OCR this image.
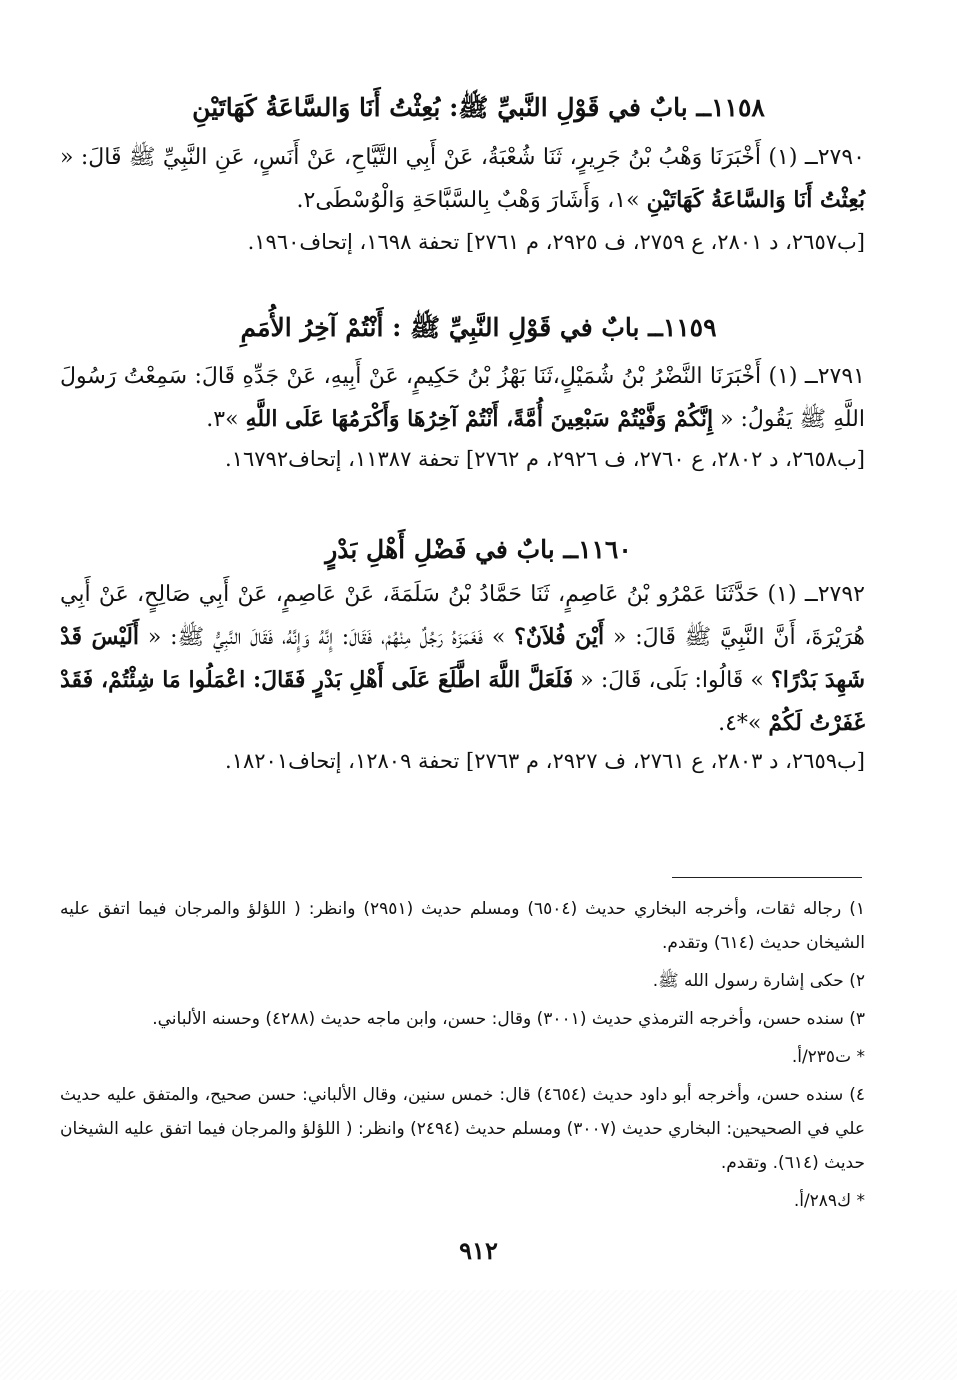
١١٥٨ــ بابٌ في قَوْلِ النَّبيِّ ﷺ: بُعِثْتُ أَنَا وَالسَّاعَةُ كَهَاتَيْنِ

٢٧٩٠ــ (١) أَخْبَرَنَا وَهْبُ بْنُ جَرِيرٍ، ثَنَا شُعْبَةُ، عَنْ أَبِي التَّيَّاحِ، عَنْ أَنَسٍ، عَنِ النَّبِيِّ ﷺ قَالَ: « بُعِثْتُ أَنَا وَالسَّاعَةُ كَهَاتَيْنِ »١، وَأَشَارَ وَهْبٌ بِالسَّبَّاحَةِ وَالْوُسْطَى٢.

[ب٢٦٥٧، د ٢٨٠١، ع ٢٧٥٩، ف ٢٩٢٥، م ٢٧٦١] تحفة ١٦٩٨، إتحاف١٩٦٠.
١١٥٩ــ بابٌ في قَوْلِ النَّبِيِّ ﷺ : أَنْتُمْ آخِرُ الأُمَمِ

٢٧٩١ــ (١) أَخْبَرَنَا النَّضْرُ بْنُ شُمَيْلٍ،ثَنَا بَهْزُ بْنُ حَكِيمٍ، عَنْ أَبِيهِ، عَنْ جَدِّهِ قَالَ: سَمِعْتُ رَسُولَ اللَّهِ ﷺ يَقُولُ: « إِنَّكُمْ وَفَّيْتُمْ سَبْعِينَ أُمَّةً، أَنْتُمْ آخِرُهَا وَأَكْرَمُهَا عَلَى اللَّهِ »٣.

[ب٢٦٥٨، د ٢٨٠٢، ع ٢٧٦٠، ف ٢٩٢٦، م ٢٧٦٢] تحفة ١١٣٨٧، إتحاف١٦٧٩٢.
١١٦٠ــ بابٌ في فَضْلِ أَهْلِ بَدْرٍ

٢٧٩٢ــ (١) حَدَّثَنَا عَمْرُو بْنُ عَاصِمٍ، ثَنَا حَمَّادُ بْنُ سَلَمَةَ، عَنْ عَاصِمٍ، عَنْ أَبِي صَالِحٍ، عَنْ أَبِي هُرَيْرَةَ، أَنَّ النَّبِيَّ ﷺ قَالَ: « أَيْنَ فُلاَنٌ؟ » فَغَمَزَهُ رَجُلٌ مِنْهُمْ، فَقَالَ: إِنَّهُ وَإِنَّهُ، فَقَالَ النَّبِيُّ ﷺ: « أَلَيْسَ قَدْ شَهِدَ بَدْرًا؟ » قَالُوا: بَلَى، قَالَ: « فَلَعَلَّ اللَّهَ اطَّلَعَ عَلَى أَهْلِ بَدْرٍ فَقَالَ: اعْمَلُوا مَا شِئْتُمْ، فَقَدْ غَفَرْتُ لَكُمْ »*٤.

[ب٢٦٥٩، د ٢٨٠٣، ع ٢٧٦١، ف ٢٩٢٧، م ٢٧٦٣] تحفة ١٢٨٠٩، إتحاف١٨٢٠١.

١) رجاله ثقات، وأخرجه البخاري حديث (٦٥٠٤) ومسلم حديث (٢٩٥١) وانظر: ( اللؤلؤ والمرجان فيما اتفق عليه الشيخان حديث (٦١٤) وتقدم.

٢) حكى إشارة رسول الله ﷺ.

٣) سنده حسن، وأخرجه الترمذي حديث (٣٠٠١) وقال: حسن، وابن ماجه حديث (٤٢٨٨) وحسنه الألباني.

* ت٢٣٥/أ.

٤) سنده حسن، وأخرجه أبو داود حديث (٤٦٥٤) قال: خمس سنين، وقال الألباني: حسن صحيح، والمتفق عليه حديث علي في الصحيحين: البخاري حديث (٣٠٠٧) ومسلم حديث (٢٤٩٤) وانظر: ( اللؤلؤ والمرجان فيما اتفق عليه الشيخان حديث (٦١٤). وتقدم.

* ك٢٨٩/أ.

٩١٢
